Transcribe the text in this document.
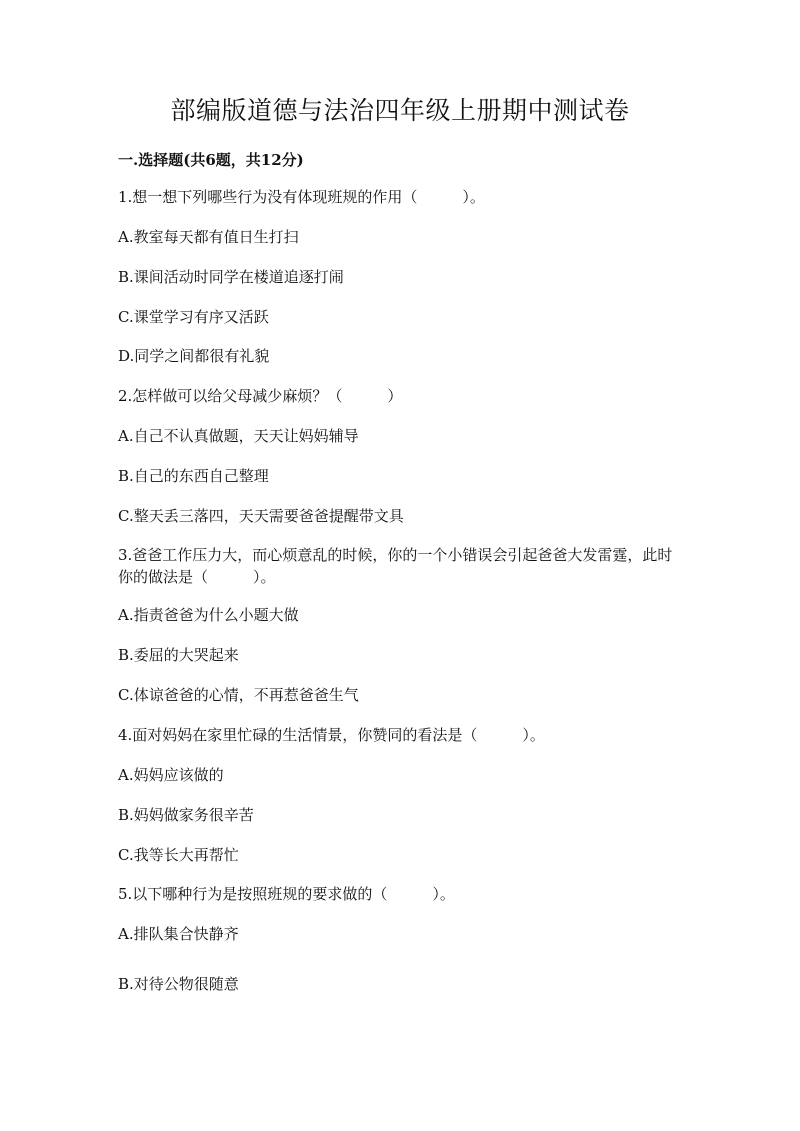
部编版道德与法治四年级上册期中测试卷
一.选择题(共6题，共12分)

1.想一想下列哪些行为没有体现班规的作用（　　　）。

A.教室每天都有值日生打扫

B.课间活动时同学在楼道追逐打闹

C.课堂学习有序又活跃

D.同学之间都很有礼貌

2.怎样做可以给父母减少麻烦？（　　　）

A.自己不认真做题，天天让妈妈辅导

B.自己的东西自己整理

C.整天丢三落四，天天需要爸爸提醒带文具

3.爸爸工作压力大，而心烦意乱的时候，你的一个小错误会引起爸爸大发雷霆，此时你的做法是（　　　）。

A.指责爸爸为什么小题大做

B.委屈的大哭起来

C.体谅爸爸的心情，不再惹爸爸生气

4.面对妈妈在家里忙碌的生活情景，你赞同的看法是（　　　）。

A.妈妈应该做的

B.妈妈做家务很辛苦

C.我等长大再帮忙

5.以下哪种行为是按照班规的要求做的（　　　）。

A.排队集合快静齐

B.对待公物很随意
